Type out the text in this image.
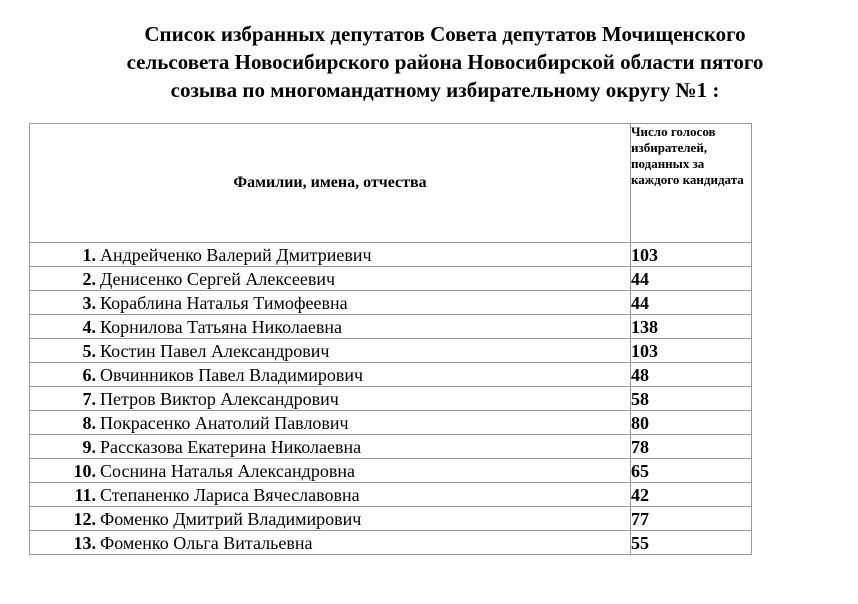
Список избранных депутатов Совета депутатов Мочищенского
сельсовета Новосибирского района Новосибирской области пятого
созыва по многомандатному избирательному округу №1 :
Фамилии, имена, отчества	Число голосов избирателей, поданных за каждого кандидата
1. Андрейченко Валерий Дмитриевич	103
2. Денисенко Сергей Алексеевич	44
3. Кораблина Наталья Тимофеевна	44
4. Корнилова Татьяна Николаевна	138
5. Костин Павел Александрович	103
6. Овчинников Павел Владимирович	48
7. Петров Виктор Александрович	58
8. Покрасенко Анатолий Павлович	80
9. Рассказова Екатерина Николаевна	78
10. Соснина Наталья Александровна	65
11. Степаненко Лариса Вячеславовна	42
12. Фоменко Дмитрий Владимирович	77
13. Фоменко Ольга Витальевна	55
